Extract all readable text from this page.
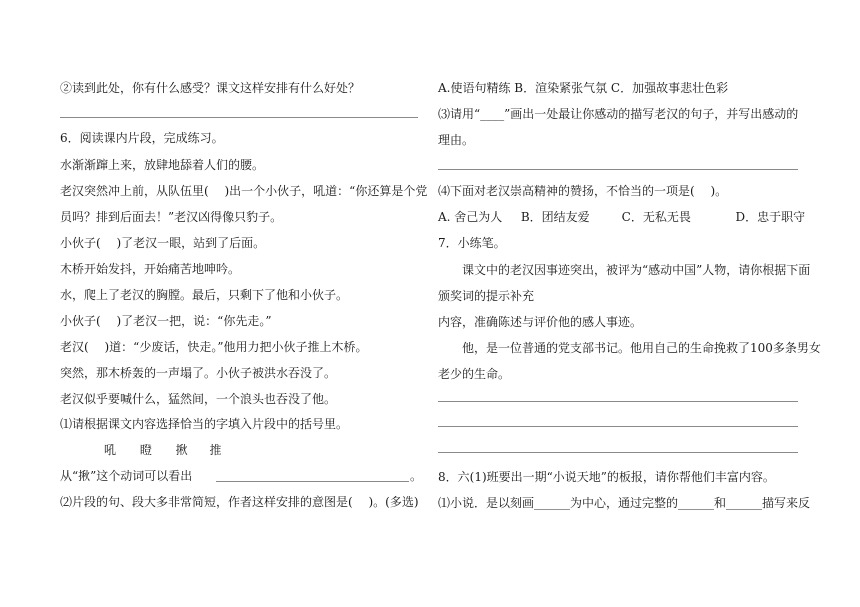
②读到此处，你有什么感受？课文这样安排有什么好处？
6．阅读课内片段，完成练习。
水渐渐蹿上来，放肆地舔着人们的腰。
老汉突然冲上前，从队伍里(　 )出一个小伙子，吼道：“你还算是个党
员吗？排到后面去！”老汉凶得像只豹子。
小伙子(　 )了老汉一眼，站到了后面。
木桥开始发抖，开始痛苦地呻吟。
水，爬上了老汉的胸膛。最后，只剩下了他和小伙子。
小伙子(　 )了老汉一把，说：“你先走。”
老汉(　 )道：“少废话，快走。”他用力把小伙子推上木桥。
突然，那木桥轰的一声塌了。小伙子被洪水吞没了。
老汉似乎要喊什么，猛然间，一个浪头也吞没了他。
⑴请根据课文内容选择恰当的字填入片段中的括号里。
吼 瞪 揪 推
从“揪”这个动词可以看出	。
⑵片段的句、段大多非常简短，作者这样安排的意图是(　 )。(多选)
A.使语句精练 B．渲染紧张气氛 C．加强故事悲壮色彩
⑶请用“____”画出一处最让你感动的描写老汉的句子，并写出感动的
理由。
⑷下面对老汉崇高精神的赞扬，不恰当的一项是(　 )。
A. 舍己为人 B．团结友爱	C．无私无畏	D．忠于职守
7．小练笔。
课文中的老汉因事迹突出，被评为“感动中国”人物，请你根据下面
颁奖词的提示补充
内容，准确陈述与评价他的感人事迹。
他，是一位普通的党支部书记。他用自己的生命挽救了100多条男女
老少的生命。
8．六(1)班要出一期“小说天地”的板报，请你帮他们丰富内容。
⑴小说．是以刻画______为中心，通过完整的______和______描写来反
